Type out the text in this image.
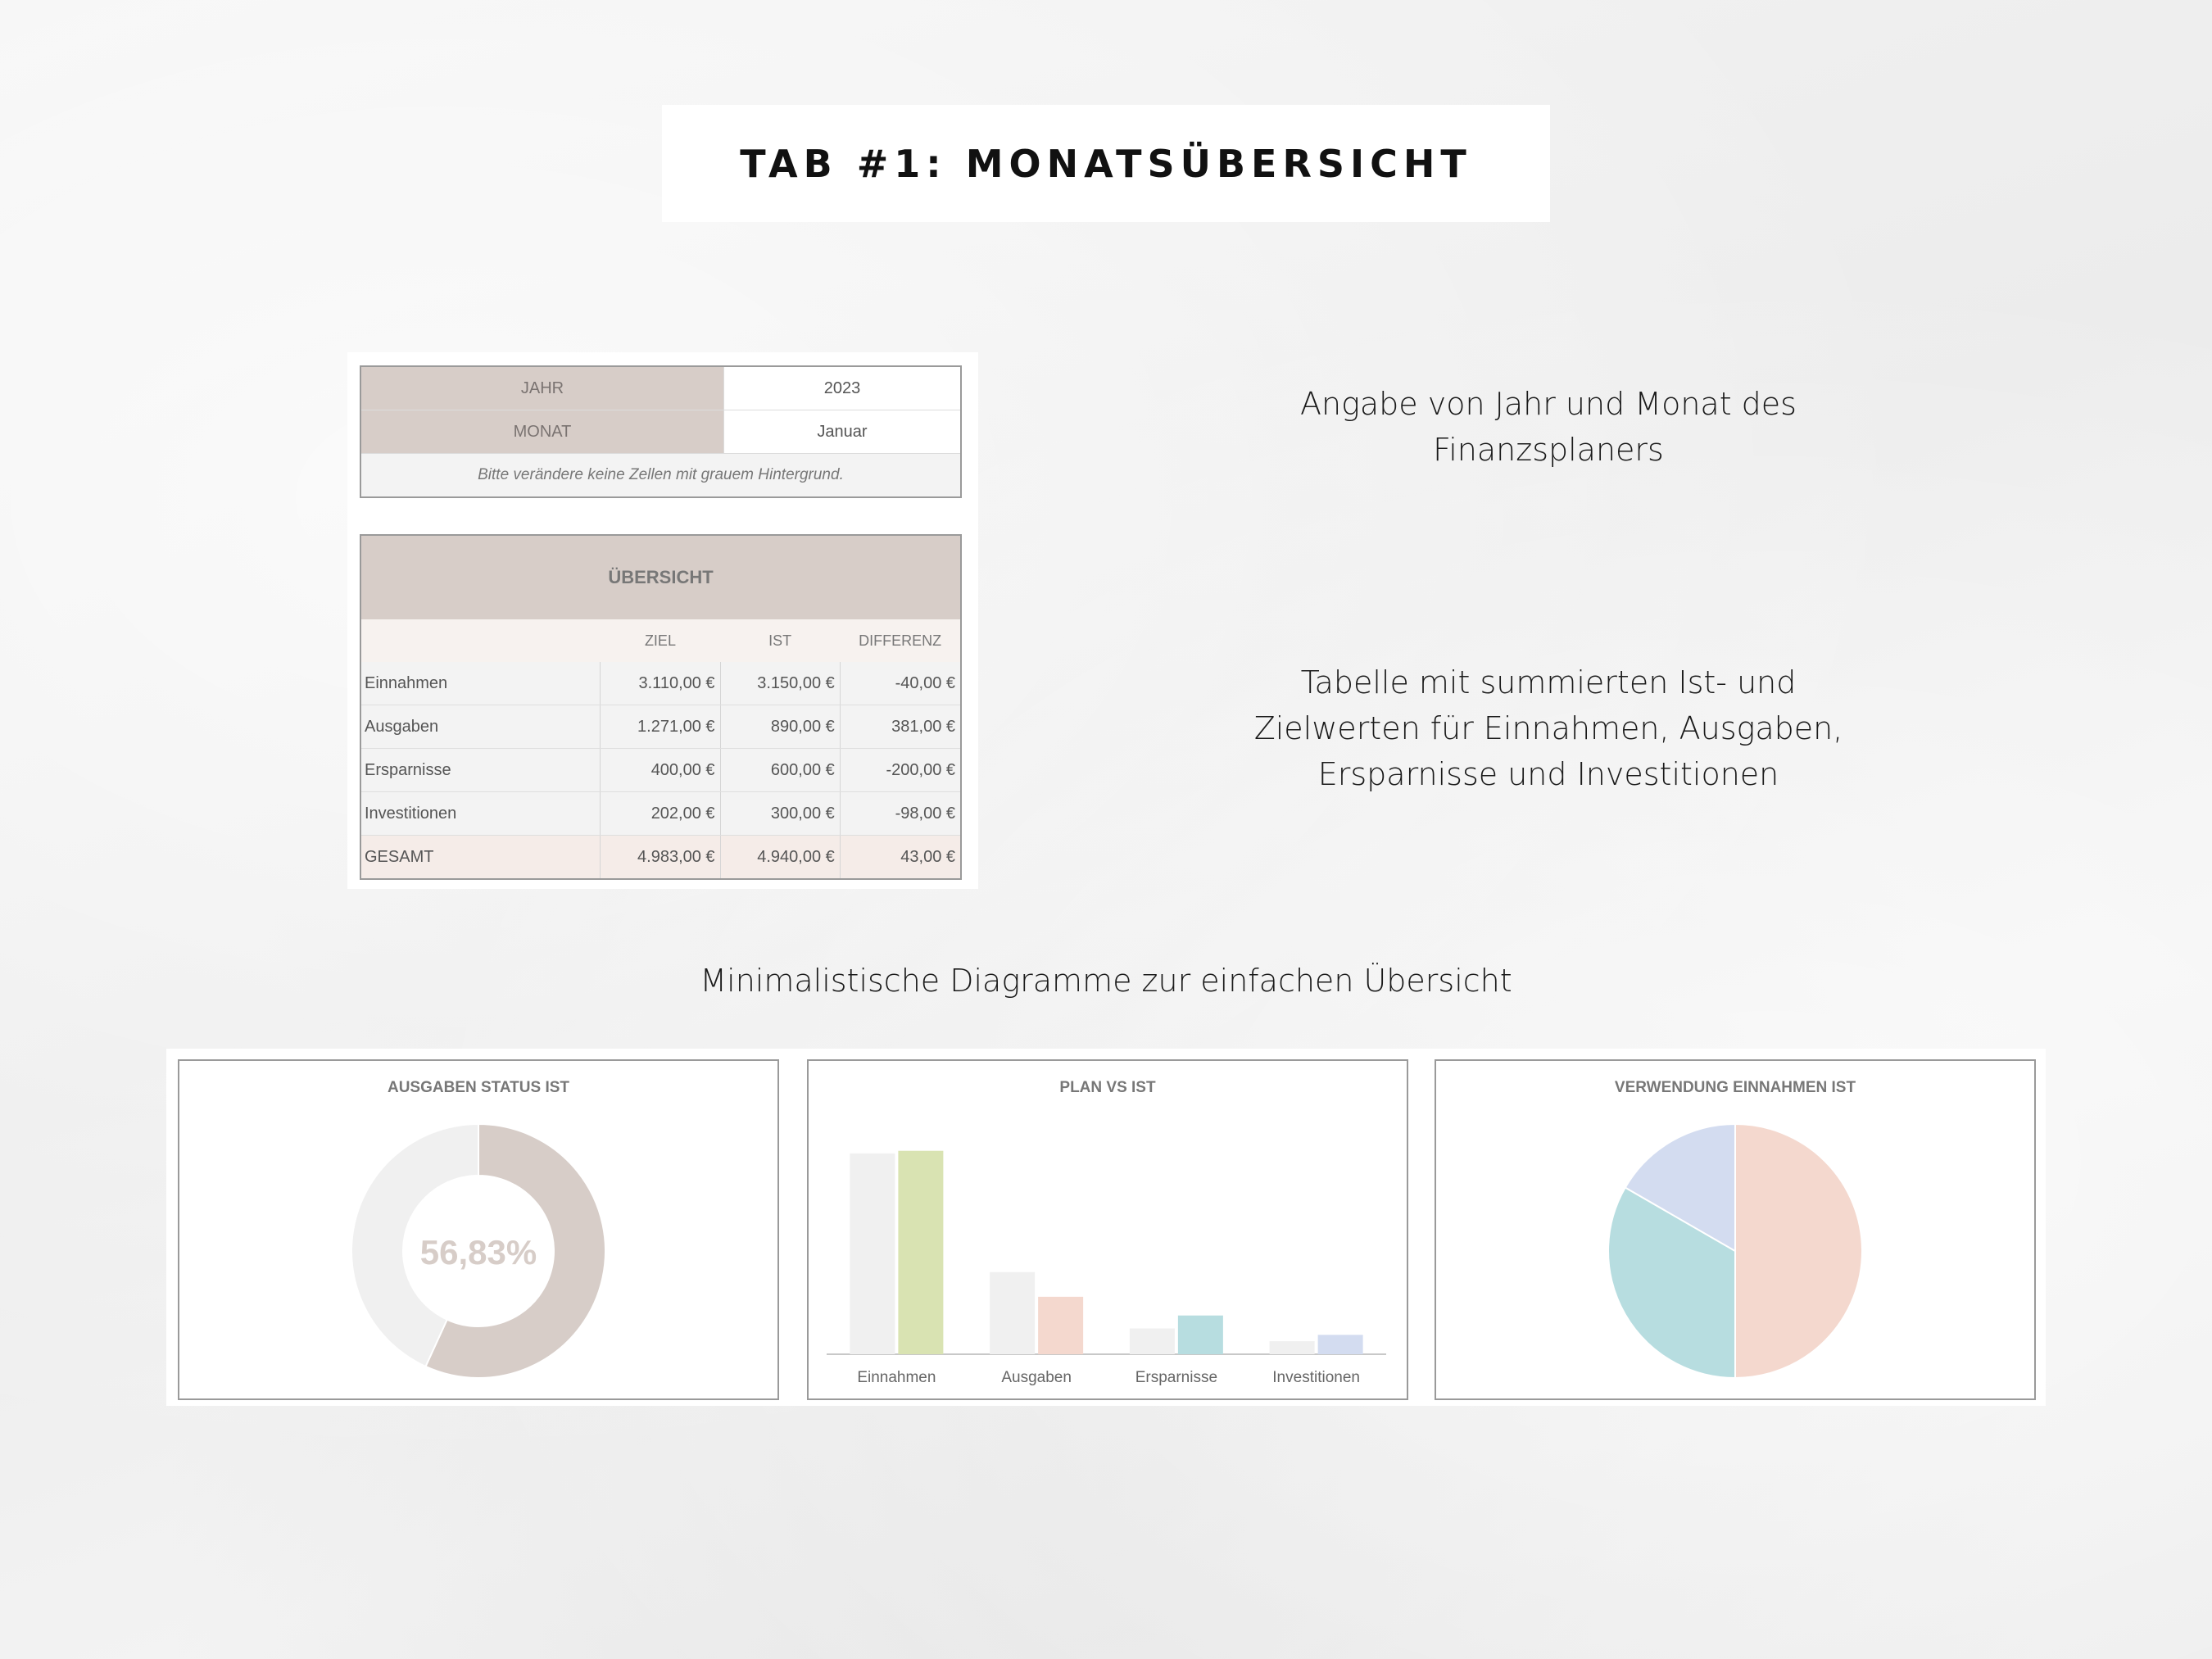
TAB #1: MONATSÜBERSICHT
Angabe von Jahr und Monat des
Finanzsplaners
Tabelle mit summierten Ist- und
Zielwerten für Einnahmen, Ausgaben,
Ersparnisse und Investitionen
JAHR	2023
MONAT	Januar
Bitte verändere keine Zellen mit grauem Hintergrund.	
ÜBERSICHT			
	ZIEL	IST	DIFFERENZ
Einnahmen	3.110,00 €	3.150,00 €	-40,00 €
Ausgaben	1.271,00 €	890,00 €	381,00 €
Ersparnisse	400,00 €	600,00 €	-200,00 €
Investitionen	202,00 €	300,00 €	-98,00 €
GESAMT	4.983,00 €	4.940,00 €	43,00 €
Minimalistische Diagramme zur einfachen Übersicht
AUSGABEN STATUS IST
56,83%
PLAN VS IST
Einnahmen	Ausgaben	Ersparnisse	Investitionen
VERWENDUNG EINNAHMEN IST
